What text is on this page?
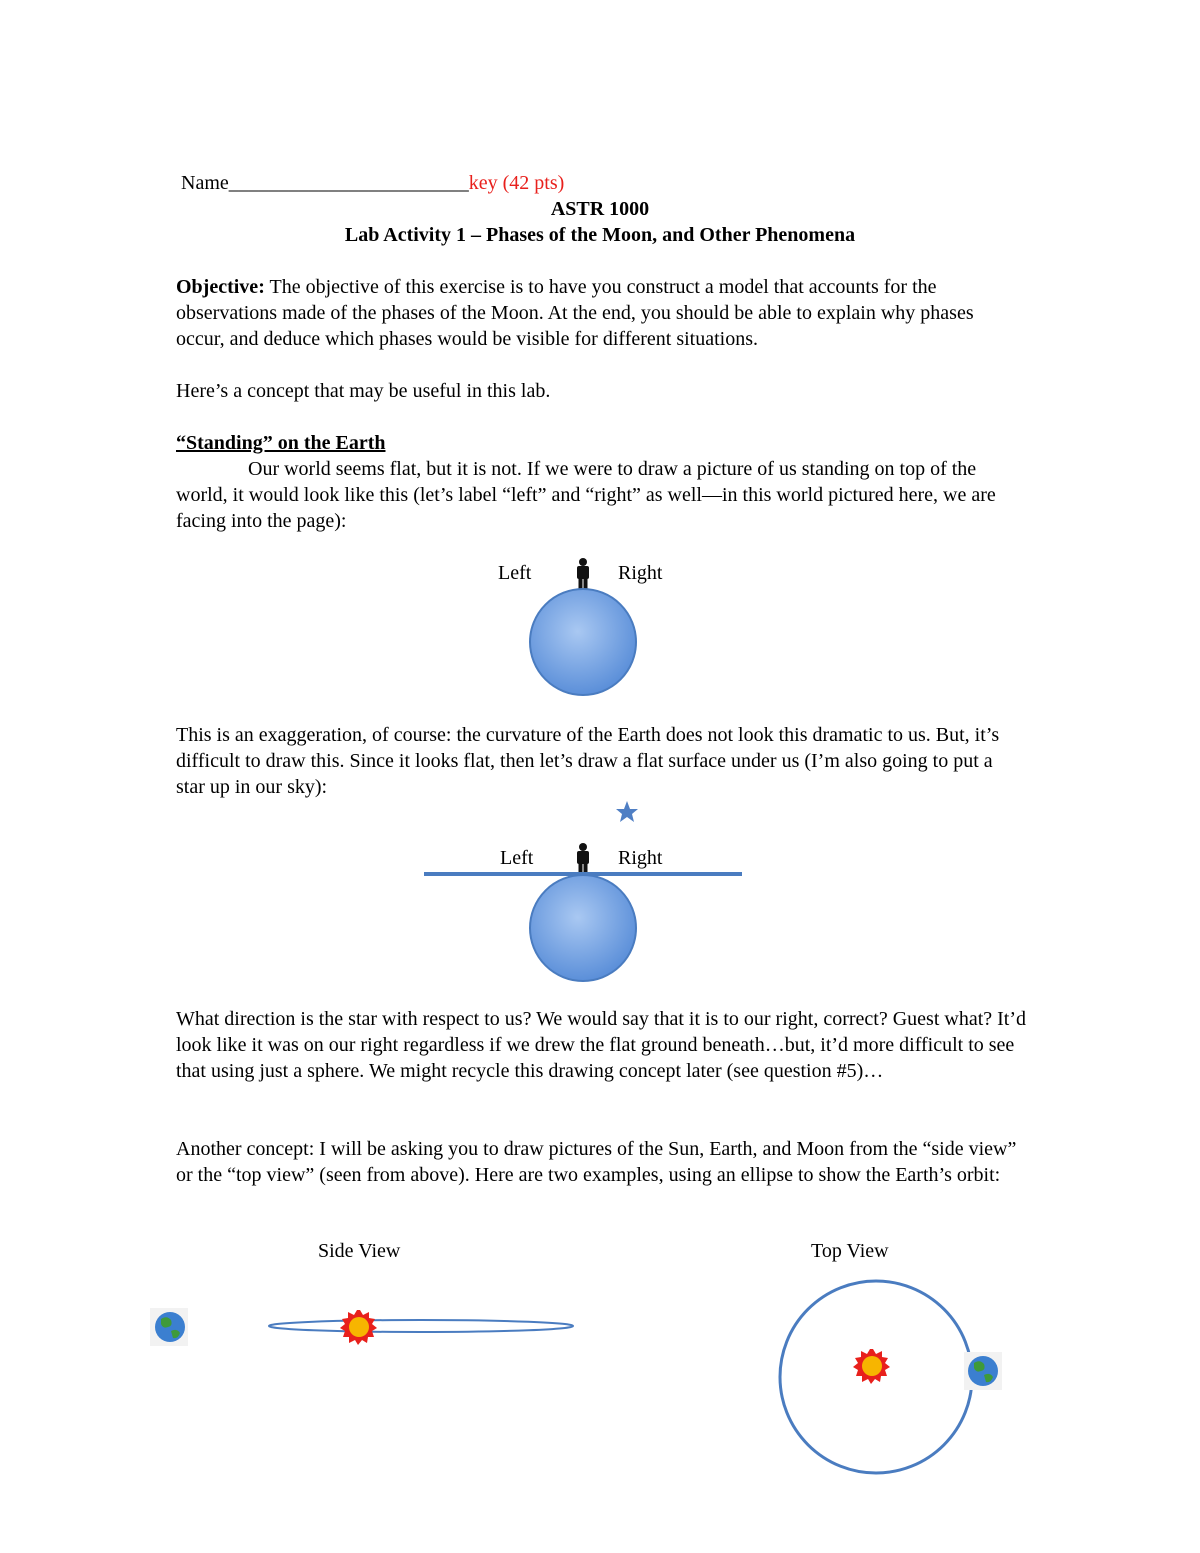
Name________________________key (42 pts)
ASTR 1000
Lab Activity 1 – Phases of the Moon, and Other Phenomena
Objective: The objective of this exercise is to have you construct a model that accounts for the observations made of the phases of the Moon. At the end, you should be able to explain why phases occur, and deduce which phases would be visible for different situations.
Here’s a concept that may be useful in this lab.
“Standing” on the Earth
Our world seems flat, but it is not. If we were to draw a picture of us standing on top of the world, it would look like this (let’s label “left” and “right” as well—in this world pictured here, we are facing into the page):
Left	Right
This is an exaggeration, of course: the curvature of the Earth does not look this dramatic to us. But, it’s difficult to draw this. Since it looks flat, then let’s draw a flat surface under us (I’m also going to put a star up in our sky):
Left	Right
What direction is the star with respect to us? We would say that it is to our right, correct? Guest what? It’d look like it was on our right regardless if we drew the flat ground beneath…but, it’d more difficult to see that using just a sphere. We might recycle this drawing concept later (see question #5)…
Another concept: I will be asking you to draw pictures of the Sun, Earth, and Moon from the “side view” or the “top view” (seen from above). Here are two examples, using an ellipse to show the Earth’s orbit:
Side View	Top View
